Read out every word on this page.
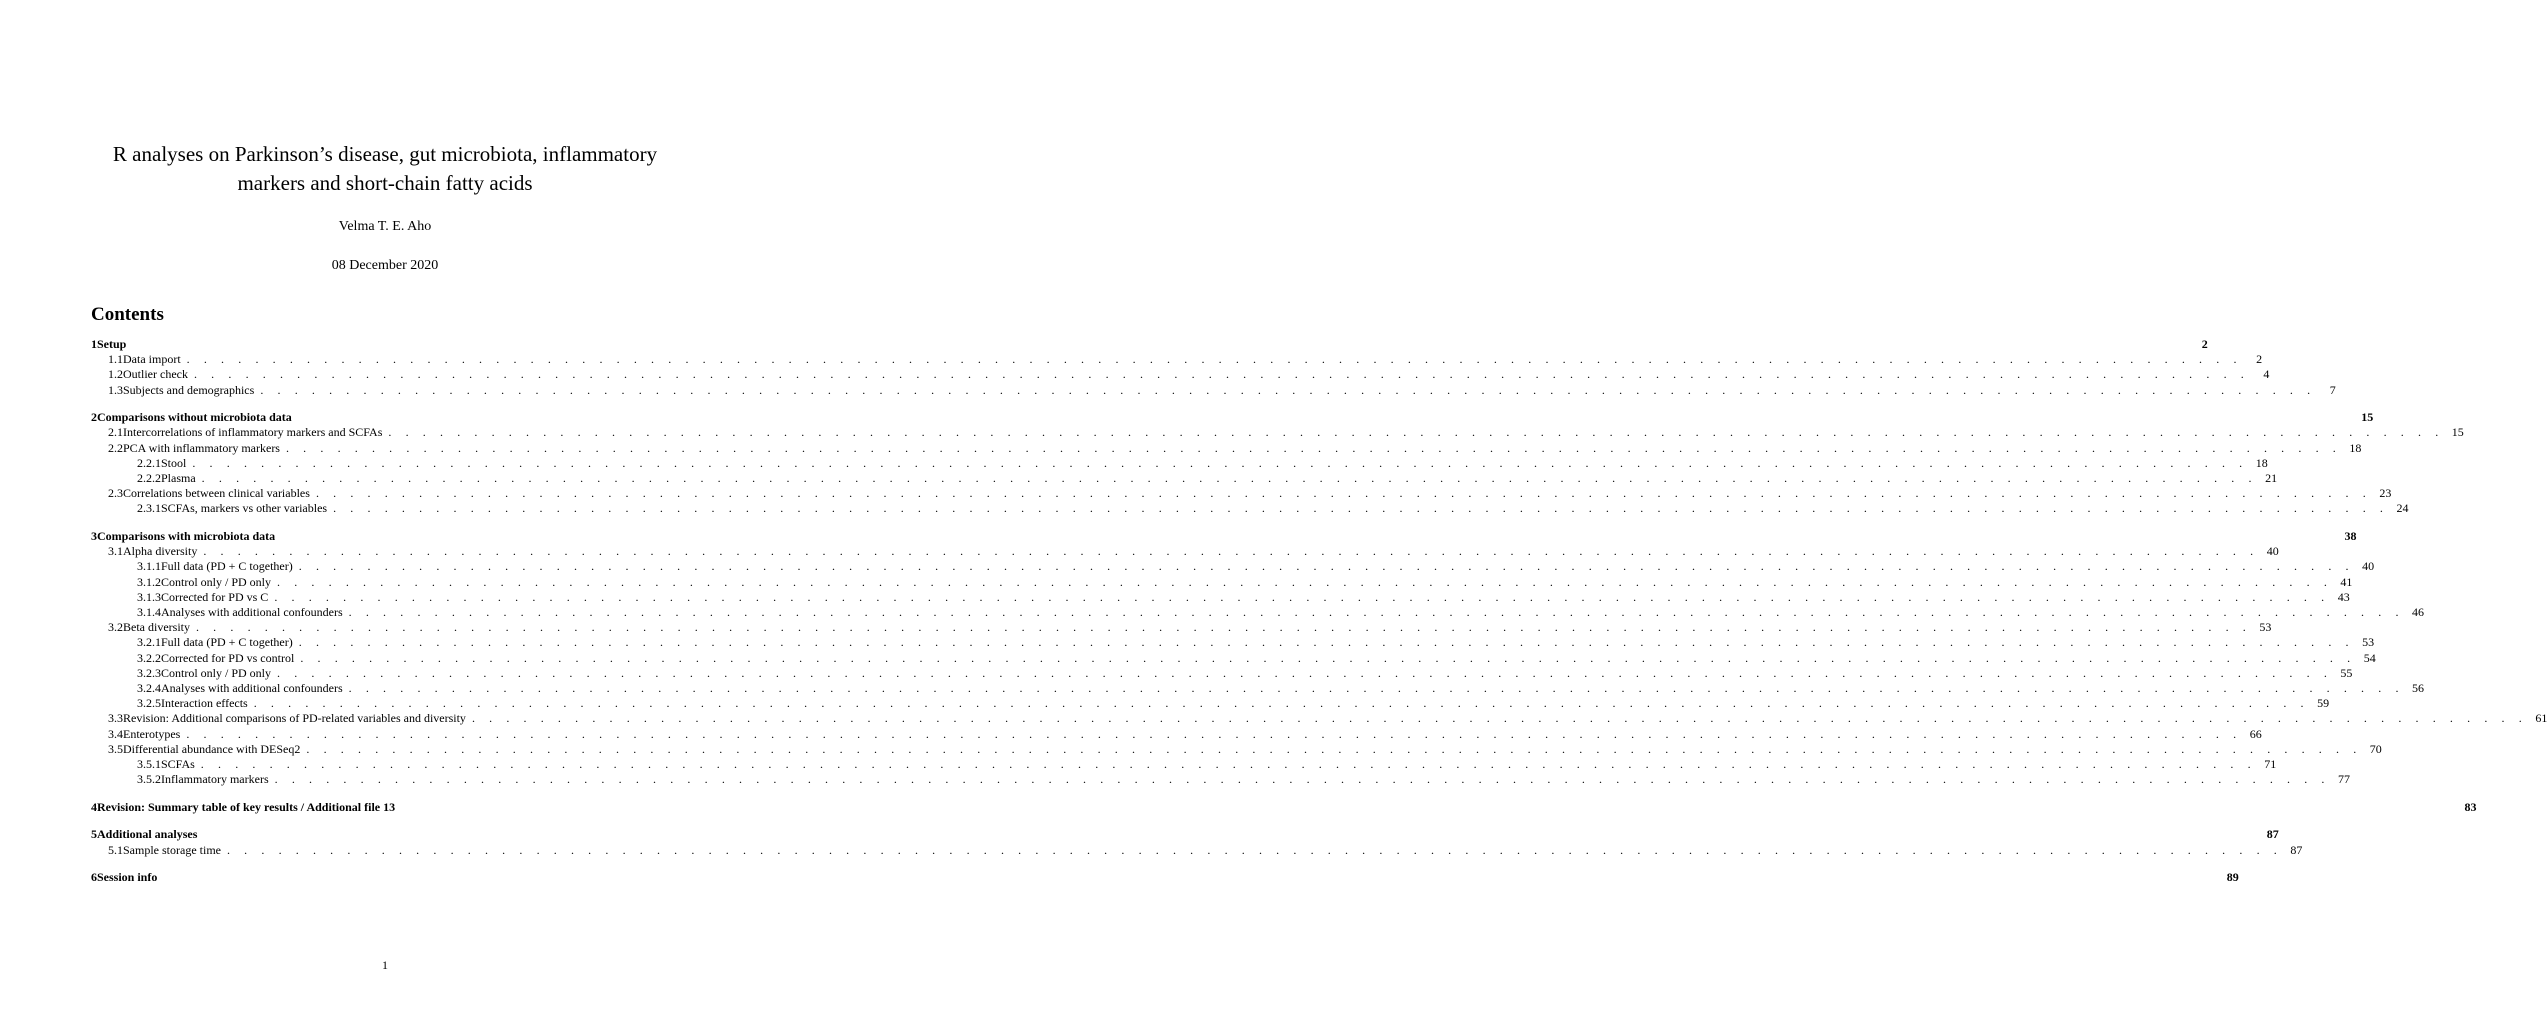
R analyses on Parkinson’s disease, gut microbiota, inflammatory
markers and short-chain fatty acids
Velma T. E. Aho
08 December 2020
Contents
1 Setup	2
1.1 Data import . . . . . . . . . . . . . . . . . . . . . . . . . . . . . . . . . . . . . . . . . . . . . . . . . . . . . . . . . . . . . . . . . . . . . . . . . . . . . . . . . . . . . . . . . . . . . . . . . . . . . . . . . . . . . . . . . . . . . . . .	2
1.2 Outlier check . . . . . . . . . . . . . . . . . . . . . . . . . . . . . . . . . . . . . . . . . . . . . . . . . . . . . . . . . . . . . . . . . . . . . . . . . . . . . . . . . . . . . . . . . . . . . . . . . . . . . . . . . . . . . . . . . . . . . . . .	4
1.3 Subjects and demographics . . . . . . . . . . . . . . . . . . . . . . . . . . . . . . . . . . . . . . . . . . . . . . . . . . . . . . . . . . . . . . . . . . . . . . . . . . . . . . . . . . . . . . . . . . . . . . . . . . . . . . . . . . . . . . . . . . . . . . . .	7
2 Comparisons without microbiota data	15
2.1 Intercorrelations of inflammatory markers and SCFAs . . . . . . . . . . . . . . . . . . . . . . . . . . . . . . . . . . . . . . . . . . . . . . . . . . . . . . . . . . . . . . . . . . . . . . . . . . . . . . . . . . . . . . . . . . . . . . . . . . . . . . . . . . . . . . . . . . . . . . . . 15
2.2 PCA with inflammatory markers . . . . . . . . . . . . . . . . . . . . . . . . . . . . . . . . . . . . . . . . . . . . . . . . . . . . . . . . . . . . . . . . . . . . . . . . . . . . . . . . . . . . . . . . . . . . . . . . . . . . . . . . . . . . . . . . . . . . . . . . 18
2.2.1 Stool . . . . . . . . . . . . . . . . . . . . . . . . . . . . . . . . . . . . . . . . . . . . . . . . . . . . . . . . . . . . . . . . . . . . . . . . . . . . . . . . . . . . . . . . . . . . . . . . . . . . . . . . . . . . . . . . . . . . . . . . 18
2.2.2 Plasma . . . . . . . . . . . . . . . . . . . . . . . . . . . . . . . . . . . . . . . . . . . . . . . . . . . . . . . . . . . . . . . . . . . . . . . . . . . . . . . . . . . . . . . . . . . . . . . . . . . . . . . . . . . . . . . . . . . . . . . . 21
2.3 Correlations between clinical variables . . . . . . . . . . . . . . . . . . . . . . . . . . . . . . . . . . . . . . . . . . . . . . . . . . . . . . . . . . . . . . . . . . . . . . . . . . . . . . . . . . . . . . . . . . . . . . . . . . . . . . . . . . . . . . . . . . . . . . . . 23
2.3.1 SCFAs, markers vs other variables . . . . . . . . . . . . . . . . . . . . . . . . . . . . . . . . . . . . . . . . . . . . . . . . . . . . . . . . . . . . . . . . . . . . . . . . . . . . . . . . . . . . . . . . . . . . . . . . . . . . . . . . . . . . . . . . . . . . . . . . 24
3 Comparisons with microbiota data	38
3.1 Alpha diversity . . . . . . . . . . . . . . . . . . . . . . . . . . . . . . . . . . . . . . . . . . . . . . . . . . . . . . . . . . . . . . . . . . . . . . . . . . . . . . . . . . . . . . . . . . . . . . . . . . . . . . . . . . . . . . . . . . . . . . . . 40
3.1.1 Full data (PD + C together) . . . . . . . . . . . . . . . . . . . . . . . . . . . . . . . . . . . . . . . . . . . . . . . . . . . . . . . . . . . . . . . . . . . . . . . . . . . . . . . . . . . . . . . . . . . . . . . . . . . . . . . . . . . . . . . . . . . . . . . . 40
3.1.2 Control only / PD only . . . . . . . . . . . . . . . . . . . . . . . . . . . . . . . . . . . . . . . . . . . . . . . . . . . . . . . . . . . . . . . . . . . . . . . . . . . . . . . . . . . . . . . . . . . . . . . . . . . . . . . . . . . . . . . . . . . . . . . . 41
3.1.3 Corrected for PD vs C . . . . . . . . . . . . . . . . . . . . . . . . . . . . . . . . . . . . . . . . . . . . . . . . . . . . . . . . . . . . . . . . . . . . . . . . . . . . . . . . . . . . . . . . . . . . . . . . . . . . . . . . . . . . . . . . . . . . . . . . 43
3.1.4 Analyses with additional confounders . . . . . . . . . . . . . . . . . . . . . . . . . . . . . . . . . . . . . . . . . . . . . . . . . . . . . . . . . . . . . . . . . . . . . . . . . . . . . . . . . . . . . . . . . . . . . . . . . . . . . . . . . . . . . . . . . . . . . . . . 46
3.2 Beta diversity . . . . . . . . . . . . . . . . . . . . . . . . . . . . . . . . . . . . . . . . . . . . . . . . . . . . . . . . . . . . . . . . . . . . . . . . . . . . . . . . . . . . . . . . . . . . . . . . . . . . . . . . . . . . . . . . . . . . . . . . 53
3.2.1 Full data (PD + C together) . . . . . . . . . . . . . . . . . . . . . . . . . . . . . . . . . . . . . . . . . . . . . . . . . . . . . . . . . . . . . . . . . . . . . . . . . . . . . . . . . . . . . . . . . . . . . . . . . . . . . . . . . . . . . . . . . . . . . . . . 53
3.2.2 Corrected for PD vs control . . . . . . . . . . . . . . . . . . . . . . . . . . . . . . . . . . . . . . . . . . . . . . . . . . . . . . . . . . . . . . . . . . . . . . . . . . . . . . . . . . . . . . . . . . . . . . . . . . . . . . . . . . . . . . . . . . . . . . . . 54
3.2.3 Control only / PD only . . . . . . . . . . . . . . . . . . . . . . . . . . . . . . . . . . . . . . . . . . . . . . . . . . . . . . . . . . . . . . . . . . . . . . . . . . . . . . . . . . . . . . . . . . . . . . . . . . . . . . . . . . . . . . . . . . . . . . . . 55
3.2.4 Analyses with additional confounders . . . . . . . . . . . . . . . . . . . . . . . . . . . . . . . . . . . . . . . . . . . . . . . . . . . . . . . . . . . . . . . . . . . . . . . . . . . . . . . . . . . . . . . . . . . . . . . . . . . . . . . . . . . . . . . . . . . . . . . . 56
3.2.5 Interaction effects . . . . . . . . . . . . . . . . . . . . . . . . . . . . . . . . . . . . . . . . . . . . . . . . . . . . . . . . . . . . . . . . . . . . . . . . . . . . . . . . . . . . . . . . . . . . . . . . . . . . . . . . . . . . . . . . . . . . . . . . 59
3.3 Revision: Additional comparisons of PD-related variables and diversity . . . . . . . . . . . . . . . . . . . . . . . . . . . . . . . . . . . . . . . . . . . . . . . . . . . . . . . . . . . . . . . . . . . . . . . . . . . . . . . . . . . . . . . . . . . . . . . . . . . . . . . . . . . . . . . . . . . . . . . . 61
3.4 Enterotypes . . . . . . . . . . . . . . . . . . . . . . . . . . . . . . . . . . . . . . . . . . . . . . . . . . . . . . . . . . . . . . . . . . . . . . . . . . . . . . . . . . . . . . . . . . . . . . . . . . . . . . . . . . . . . . . . . . . . . . . . 66
3.5 Differential abundance with DESeq2 . . . . . . . . . . . . . . . . . . . . . . . . . . . . . . . . . . . . . . . . . . . . . . . . . . . . . . . . . . . . . . . . . . . . . . . . . . . . . . . . . . . . . . . . . . . . . . . . . . . . . . . . . . . . . . . . . . . . . . . . 70
3.5.1 SCFAs . . . . . . . . . . . . . . . . . . . . . . . . . . . . . . . . . . . . . . . . . . . . . . . . . . . . . . . . . . . . . . . . . . . . . . . . . . . . . . . . . . . . . . . . . . . . . . . . . . . . . . . . . . . . . . . . . . . . . . . . 71
3.5.2 Inflammatory markers . . . . . . . . . . . . . . . . . . . . . . . . . . . . . . . . . . . . . . . . . . . . . . . . . . . . . . . . . . . . . . . . . . . . . . . . . . . . . . . . . . . . . . . . . . . . . . . . . . . . . . . . . . . . . . . . . . . . . . . . 77
4 Revision: Summary table of key results / Additional file 13	83
5 Additional analyses	87
5.1 Sample storage time . . . . . . . . . . . . . . . . . . . . . . . . . . . . . . . . . . . . . . . . . . . . . . . . . . . . . . . . . . . . . . . . . . . . . . . . . . . . . . . . . . . . . . . . . . . . . . . . . . . . . . . . . . . . . . . . . . . . . . . . 87
6 Session info	89
1
